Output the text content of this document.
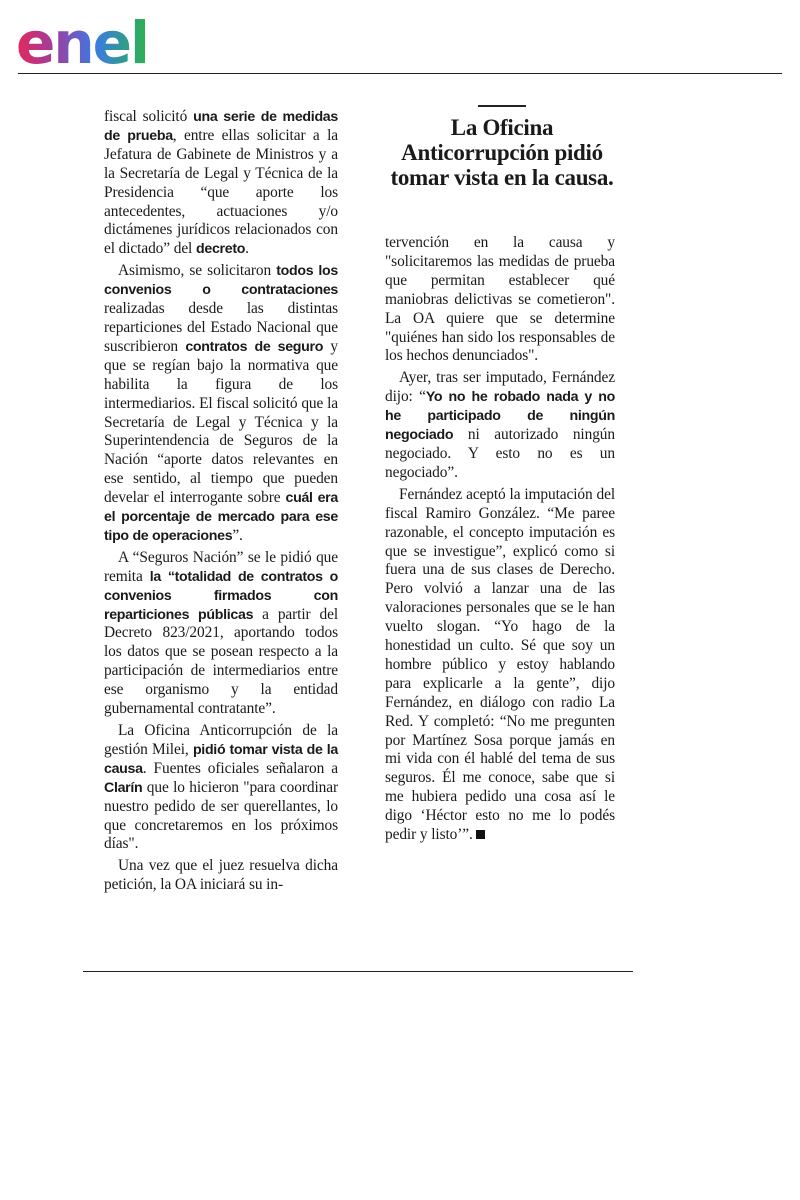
enel

fiscal solicitó una serie de medidas de prueba, entre ellas solicitar a la Jefatura de Gabinete de Ministros y a la Secretaría de Legal y Técnica de la Presidencia “que aporte los antecedentes, actuaciones y/o dictámenes jurídicos relacionados con el dictado” del decreto.

Asimismo, se solicitaron todos los convenios o contrataciones realizadas desde las distintas reparticiones del Estado Nacional que suscribieron contratos de seguro y que se regían bajo la normativa que habilita la figura de los intermediarios. El fiscal solicitó que la Secretaría de Legal y Técnica y la Superintendencia de Seguros de la Nación “aporte datos relevantes en ese sentido, al tiempo que pueden develar el interrogante sobre cuál era el porcentaje de mercado para ese tipo de operaciones”.

A “Seguros Nación” se le pidió que remita la “totalidad de contratos o convenios firmados con reparticiones públicas a partir del Decreto 823/2021, aportando todos los datos que se posean respecto a la participación de intermediarios entre ese organismo y la entidad gubernamental contratante”.

La Oficina Anticorrupción de la gestión Milei, pidió tomar vista de la causa. Fuentes oficiales señalaron a Clarín que lo hicieron "para coordinar nuestro pedido de ser querellantes, lo que concretaremos en los próximos días".

Una vez que el juez resuelva dicha petición, la OA iniciará su in-

La Oficina Anticorrupción pidió tomar vista en la causa.

tervención en la causa y "solicitaremos las medidas de prueba que permitan establecer qué maniobras delictivas se cometieron". La OA quiere que se determine "quiénes han sido los responsables de los hechos denunciados".

Ayer, tras ser imputado, Fernández dijo: “Yo no he robado nada y no he participado de ningún negociado ni autorizado ningún negociado. Y esto no es un negociado”.

Fernández aceptó la imputación del fiscal Ramiro González. “Me paree razonable, el concepto imputación es que se investigue”, explicó como si fuera una de sus clases de Derecho. Pero volvió a lanzar una de las valoraciones personales que se le han vuelto slogan. “Yo hago de la honestidad un culto. Sé que soy un hombre público y estoy hablando para explicarle a la gente”, dijo Fernández, en diálogo con radio La Red. Y completó: “No me pregunten por Martínez Sosa porque jamás en mi vida con él hablé del tema de sus seguros. Él me conoce, sabe que si me hubiera pedido una cosa así le digo ‘Héctor esto no me lo podés pedir y listo’”.
